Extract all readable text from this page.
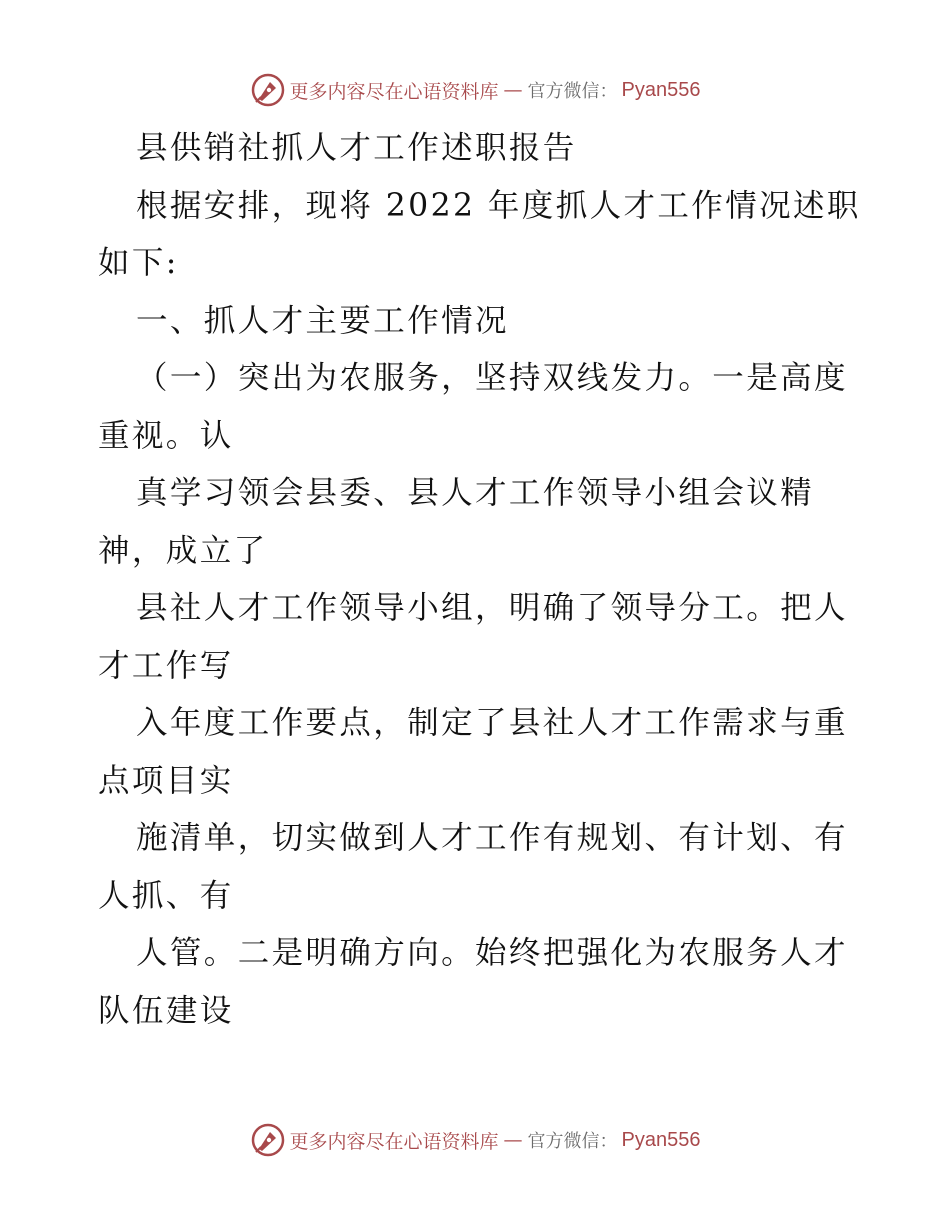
更多内容尽在心语资料库 — 官方微信： Pyan556
县供销社抓人才工作述职报告
根据安排，现将 2022 年度抓人才工作情况述职
如下:
一、抓人才主要工作情况
（一）突出为农服务，坚持双线发力。一是高度
重视。认
真学习领会县委、县人才工作领导小组会议精
神，成立了
县社人才工作领导小组，明确了领导分工。把人
才工作写
入年度工作要点，制定了县社人才工作需求与重
点项目实
施清单，切实做到人才工作有规划、有计划、有
人抓、有
人管。二是明确方向。始终把强化为农服务人才
队伍建设
更多内容尽在心语资料库 — 官方微信： Pyan556
